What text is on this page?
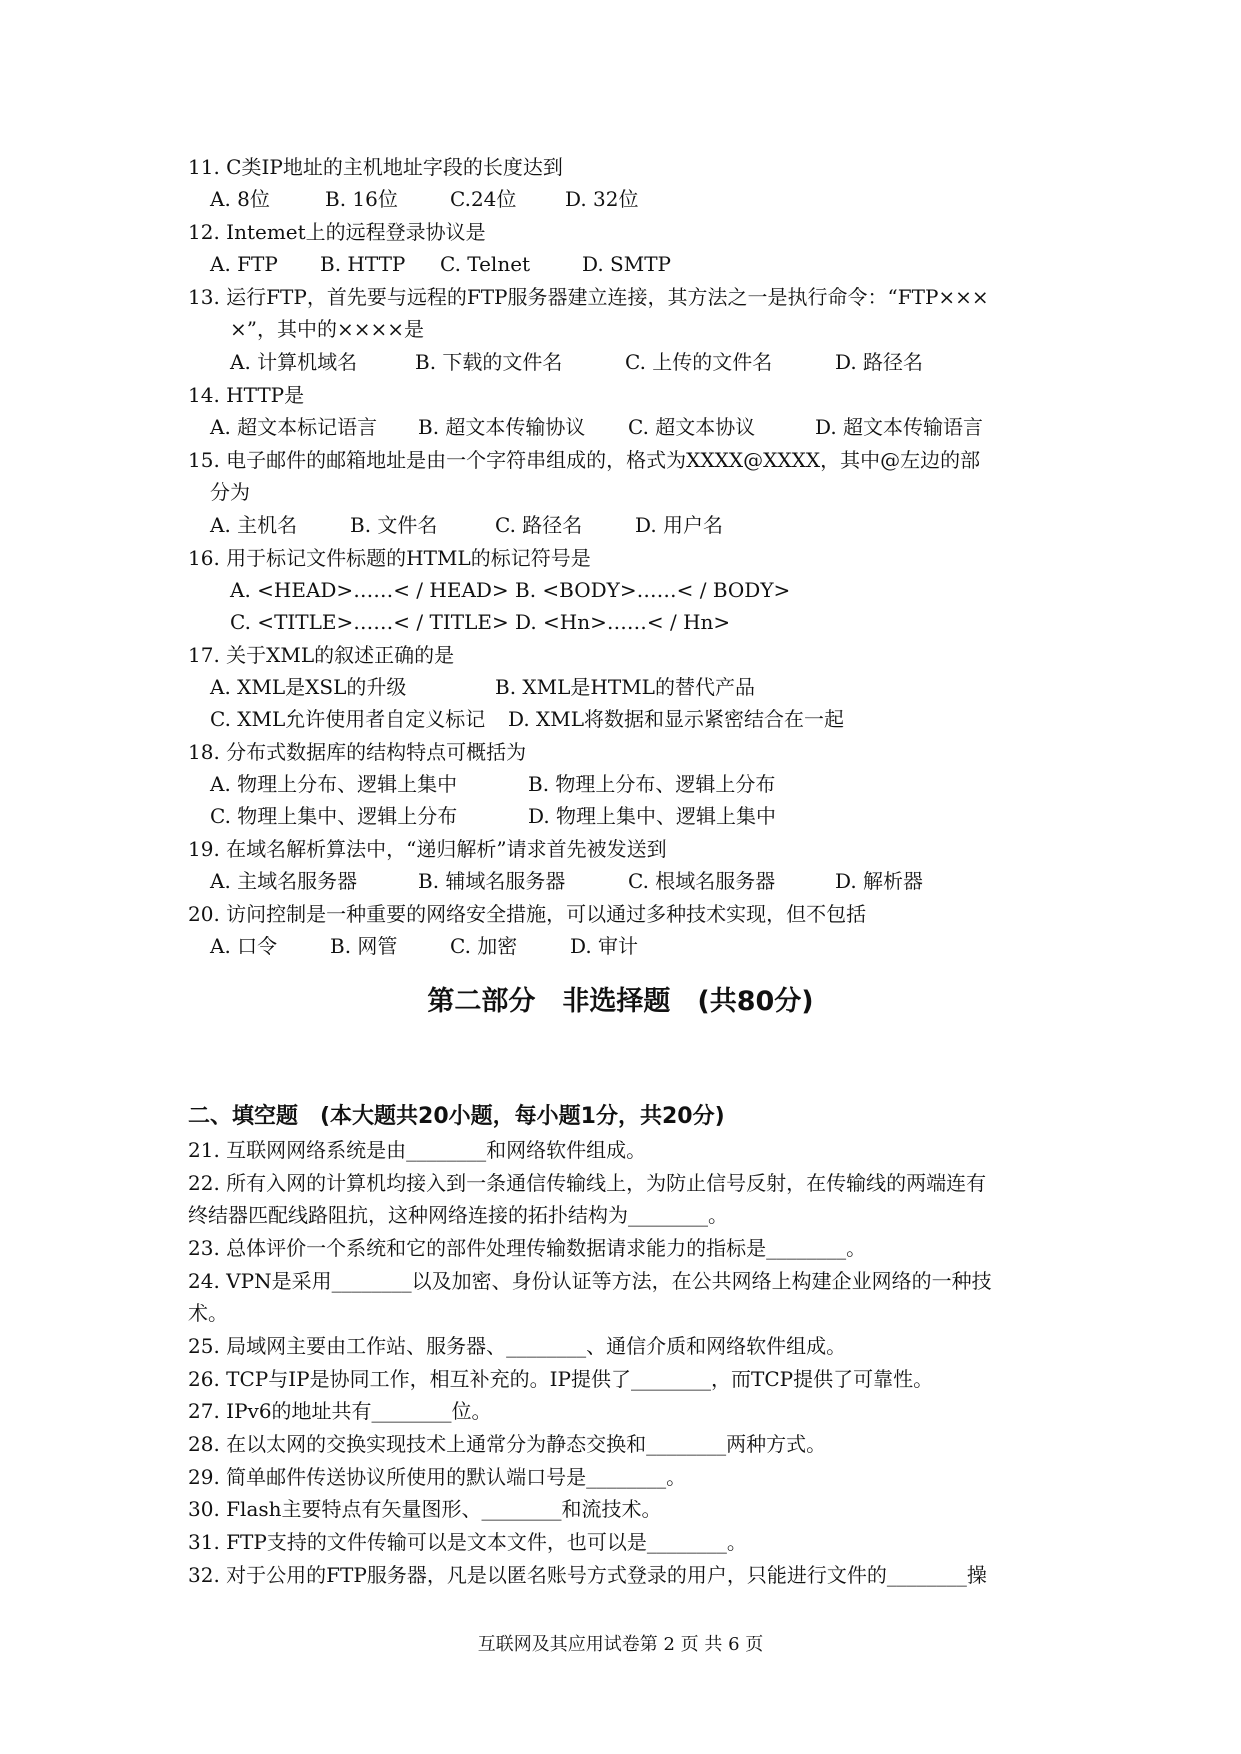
11. C类IP地址的主机地址字段的长度达到
A. 8位	B. 16位	C.24位 D. 32位
12. Intemet上的远程登录协议是
A. FTP B. HTTP C. Telnet	D. SMTP
13. 运行FTP，首先要与远程的FTP服务器建立连接，其方法之一是执行命令：“FTP×××
×”，其中的××××是
A. 计算机域名	B. 下载的文件名	C. 上传的文件名	D. 路径名
14. HTTP是
A. 超文本标记语言 B. 超文本传输协议 C. 超文本协议	D. 超文本传输语言
15. 电子邮件的邮箱地址是由一个字符串组成的，格式为XXXX@XXXX，其中@左边的部
分为
A. 主机名	B. 文件名	C. 路径名	D. 用户名
16. 用于标记文件标题的HTML的标记符号是
A. <HEAD>……< / HEAD> B. <BODY>……< / BODY>
C. <TITLE>……< / TITLE> D. <Hn>……< / Hn>
17. 关于XML的叙述正确的是
A. XML是XSL的升级	B. XML是HTML的替代产品
C. XML允许使用者自定义标记 D. XML将数据和显示紧密结合在一起
18. 分布式数据库的结构特点可概括为
A. 物理上分布、逻辑上集中	B. 物理上分布、逻辑上分布
C. 物理上集中、逻辑上分布	D. 物理上集中、逻辑上集中
19. 在域名解析算法中，“递归解析”请求首先被发送到
A. 主域名服务器	B. 辅域名服务器	C. 根域名服务器	D. 解析器
20. 访问控制是一种重要的网络安全措施，可以通过多种技术实现，但不包括
A. 口令	B. 网管	C. 加密	D. 审计
第二部分　非选择题　(共80分)
二、填空题　(本大题共20小题，每小题1分，共20分)
21. 互联网网络系统是由________和网络软件组成。
22. 所有入网的计算机均接入到一条通信传输线上，为防止信号反射，在传输线的两端连有
终结器匹配线路阻抗，这种网络连接的拓扑结构为________。
23. 总体评价一个系统和它的部件处理传输数据请求能力的指标是________。
24. VPN是采用________以及加密、身份认证等方法，在公共网络上构建企业网络的一种技
术。
25. 局域网主要由工作站、服务器、________、通信介质和网络软件组成。
26. TCP与IP是协同工作，相互补充的。IP提供了________，而TCP提供了可靠性。
27. IPv6的地址共有________位。
28. 在以太网的交换实现技术上通常分为静态交换和________两种方式。
29. 简单邮件传送协议所使用的默认端口号是________。
30. Flash主要特点有矢量图形、________和流技术。
31. FTP支持的文件传输可以是文本文件，也可以是________。
32. 对于公用的FTP服务器，凡是以匿名账号方式登录的用户，只能进行文件的________操
互联网及其应用试卷第 2 页 共 6 页
